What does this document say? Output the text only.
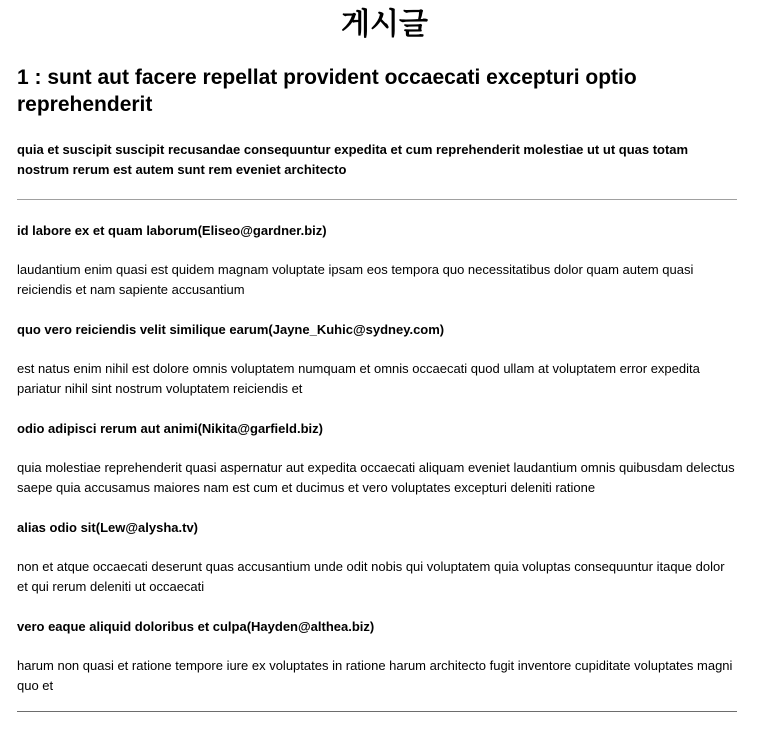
게시글
1 : sunt aut facere repellat provident occaecati excepturi optio reprehenderit

quia et suscipit suscipit recusandae consequuntur expedita et cum reprehenderit molestiae ut ut quas totam nostrum rerum est autem sunt rem eveniet architecto

id labore ex et quam laborum(Eliseo@gardner.biz)

laudantium enim quasi est quidem magnam voluptate ipsam eos tempora quo necessitatibus dolor quam autem quasi reiciendis et nam sapiente accusantium

quo vero reiciendis velit similique earum(Jayne_Kuhic@sydney.com)

est natus enim nihil est dolore omnis voluptatem numquam et omnis occaecati quod ullam at voluptatem error expedita pariatur nihil sint nostrum voluptatem reiciendis et

odio adipisci rerum aut animi(Nikita@garfield.biz)

quia molestiae reprehenderit quasi aspernatur aut expedita occaecati aliquam eveniet laudantium omnis quibusdam delectus saepe quia accusamus maiores nam est cum et ducimus et vero voluptates excepturi deleniti ratione

alias odio sit(Lew@alysha.tv)

non et atque occaecati deserunt quas accusantium unde odit nobis qui voluptatem quia voluptas consequuntur itaque dolor et qui rerum deleniti ut occaecati

vero eaque aliquid doloribus et culpa(Hayden@althea.biz)

harum non quasi et ratione tempore iure ex voluptates in ratione harum architecto fugit inventore cupiditate voluptates magni quo et
